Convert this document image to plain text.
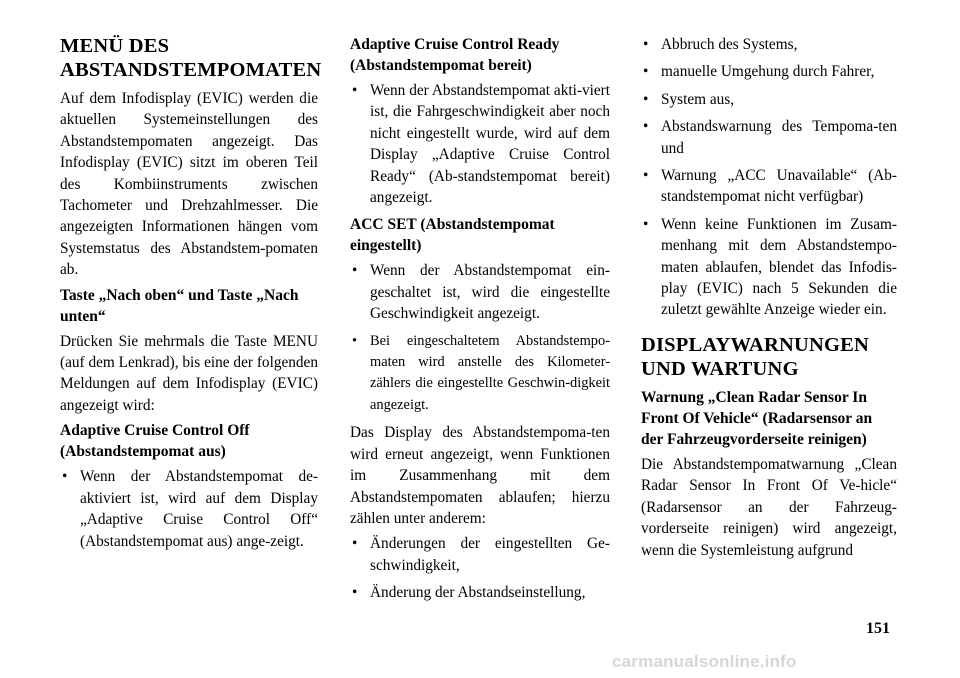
MENÜ DES ABSTANDSTEMPOMATEN

Auf dem Infodisplay (EVIC) werden die aktuellen Systemeinstellungen des Abstandstempomaten angezeigt. Das Infodisplay (EVIC) sitzt im oberen Teil des Kombiinstruments zwischen Tachometer und Drehzahlmesser. Die angezeigten Informationen hängen vom Systemstatus des Abstandstem-pomaten ab.

Taste „Nach oben“ und Taste „Nach unten“

Drücken Sie mehrmals die Taste MENU (auf dem Lenkrad), bis eine der folgenden Meldungen auf dem Infodisplay (EVIC) angezeigt wird:

Adaptive Cruise Control Off (Abstandstempomat aus)
• Wenn der Abstandstempomat de-aktiviert ist, wird auf dem Display „Adaptive Cruise Control Off“ (Abstandstempomat aus) ange-zeigt.
Adaptive Cruise Control Ready (Abstandstempomat bereit)
• Wenn der Abstandstempomat akti-viert ist, die Fahrgeschwindigkeit aber noch nicht eingestellt wurde, wird auf dem Display „Adaptive Cruise Control Ready“ (Ab-standstempomat bereit) angezeigt.
ACC SET (Abstandstempomat eingestellt)
• Wenn der Abstandstempomat ein-geschaltet ist, wird die eingestellte Geschwindigkeit angezeigt.
• Bei eingeschaltetem Abstandstempo-maten wird anstelle des Kilometer-zählers die eingestellte Geschwin-digkeit angezeigt.

Das Display des Abstandstempoma-ten wird erneut angezeigt, wenn Funktionen im Zusammenhang mit dem Abstandstempomaten ablaufen; hierzu zählen unter anderem:

• Änderungen der eingestellten Ge-schwindigkeit,
• Änderung der Abstandseinstellung,
• Abbruch des Systems,
• manuelle Umgehung durch Fahrer,
• System aus,
• Abstandswarnung des Tempoma-ten und
• Warnung „ACC Unavailable“ (Ab-standstempomat nicht verfügbar)
• Wenn keine Funktionen im Zusam-menhang mit dem Abstandstempo-maten ablaufen, blendet das Infodis-play (EVIC) nach 5 Sekunden die zuletzt gewählte Anzeige wieder ein.
DISPLAYWARNUNGEN UND WARTUNG
Warnung „Clean Radar Sensor In Front Of Vehicle“ (Radarsensor an der Fahrzeugvorderseite reinigen)

Die Abstandstempomatwarnung „Clean Radar Sensor In Front Of Ve-hicle“ (Radarsensor an der Fahrzeug-vorderseite reinigen) wird angezeigt, wenn die Systemleistung aufgrund

151
carmanualsonline.info
